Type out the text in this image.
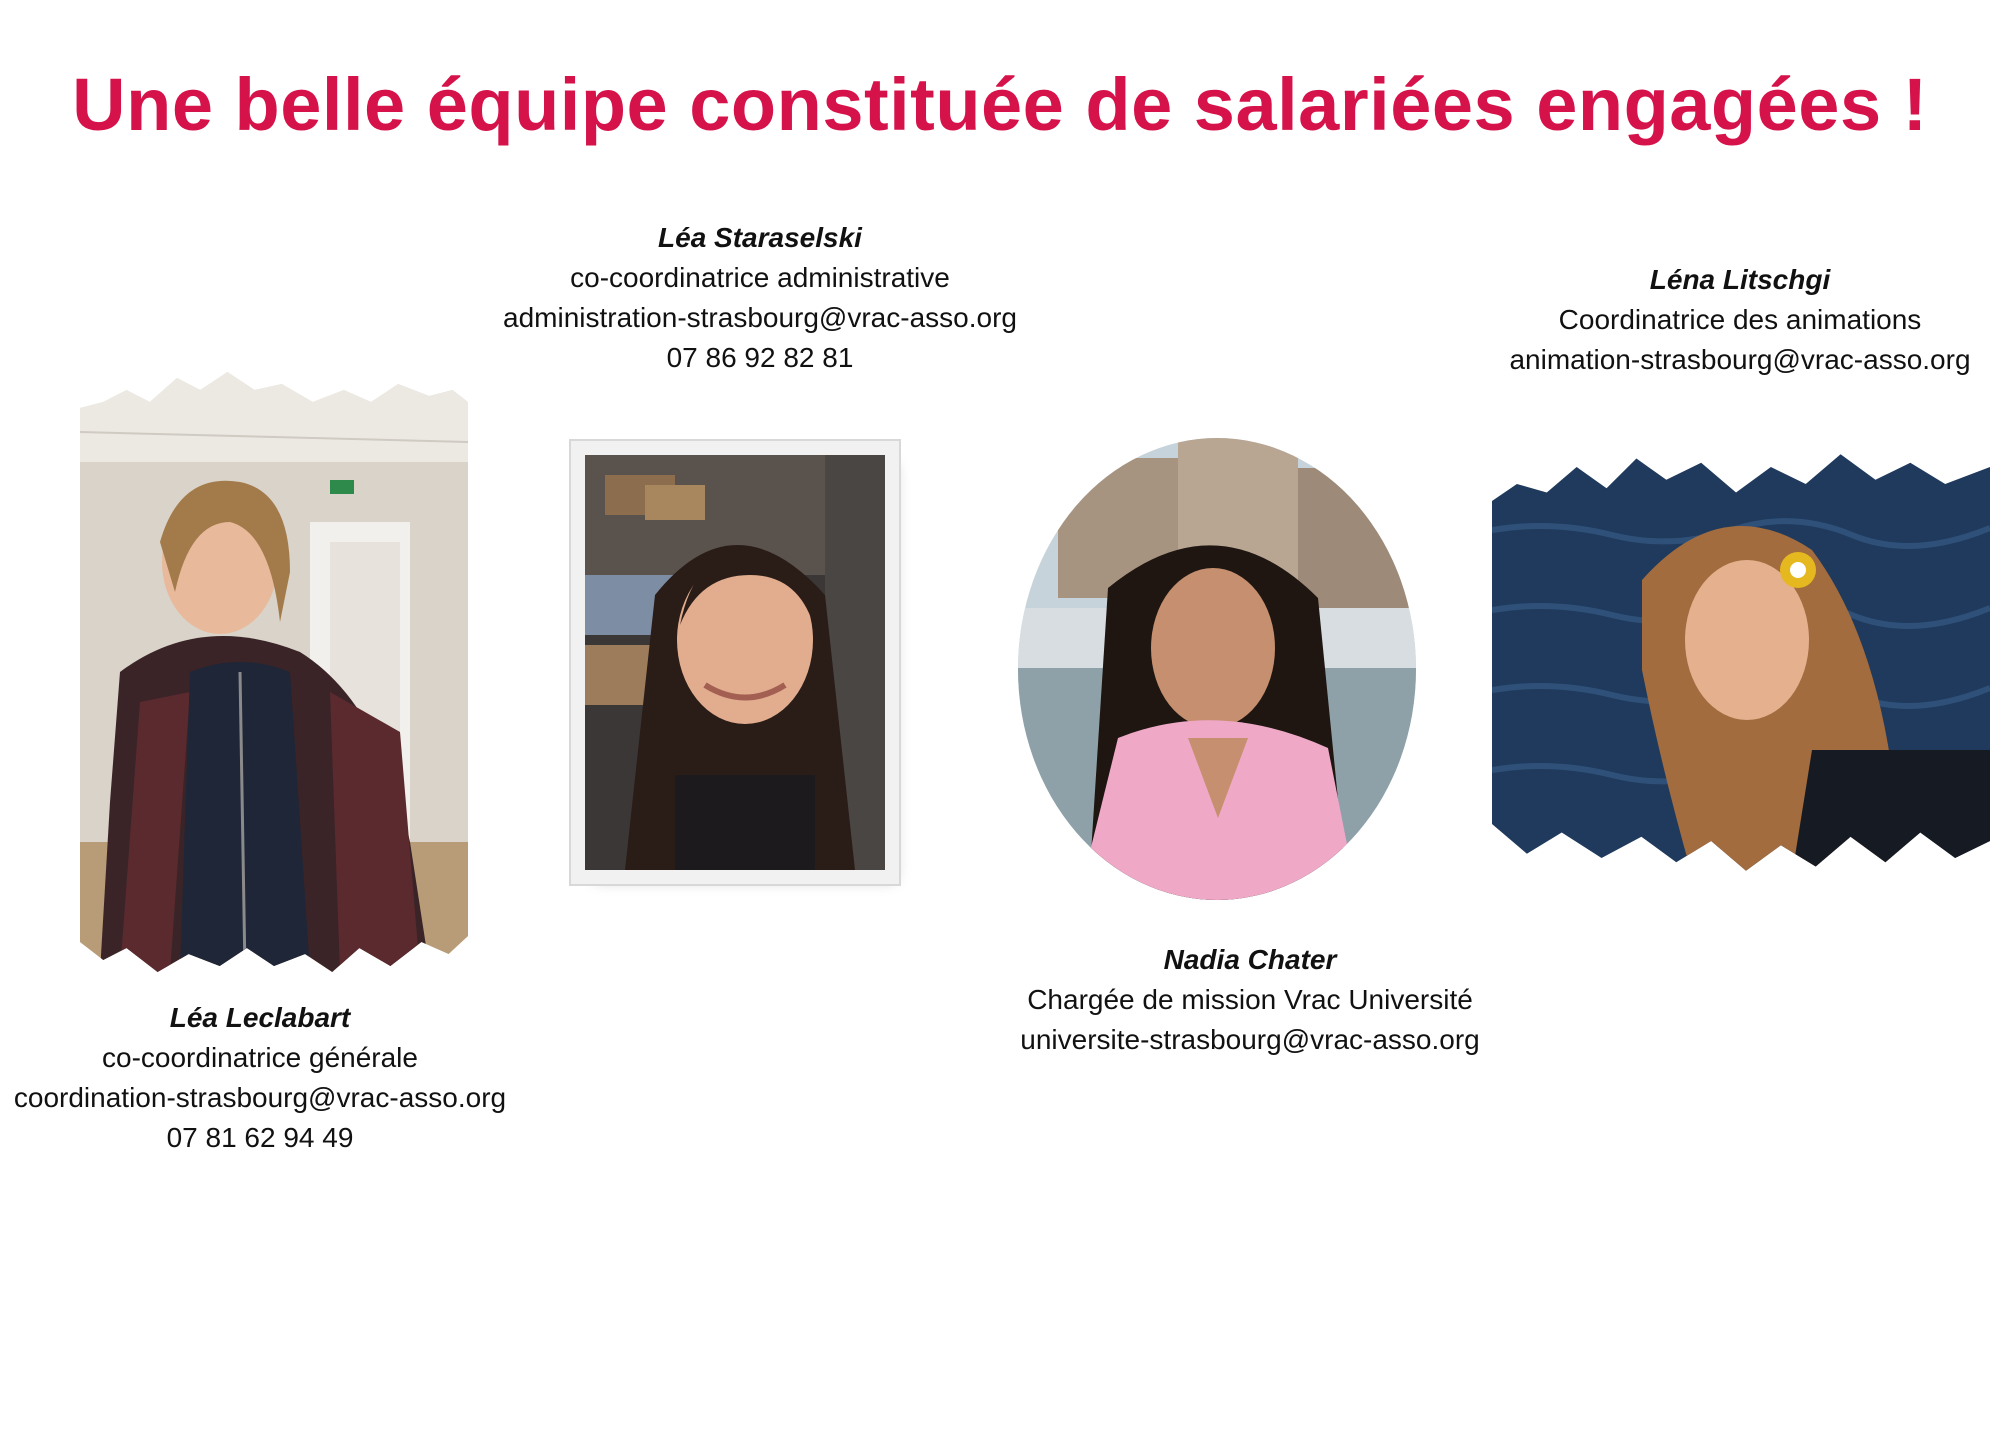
Une belle équipe constituée de salariées engagées !
Léa Leclabart
co-coordinatrice générale
coordination-strasbourg@vrac-asso.org
07 81 62 94 49
Léa Staraselski
co-coordinatrice administrative
administration-strasbourg@vrac-asso.org
07 86 92 82 81
Nadia Chater
Chargée de mission Vrac Université
universite-strasbourg@vrac-asso.org
Léna Litschgi
Coordinatrice des animations
animation-strasbourg@vrac-asso.org
